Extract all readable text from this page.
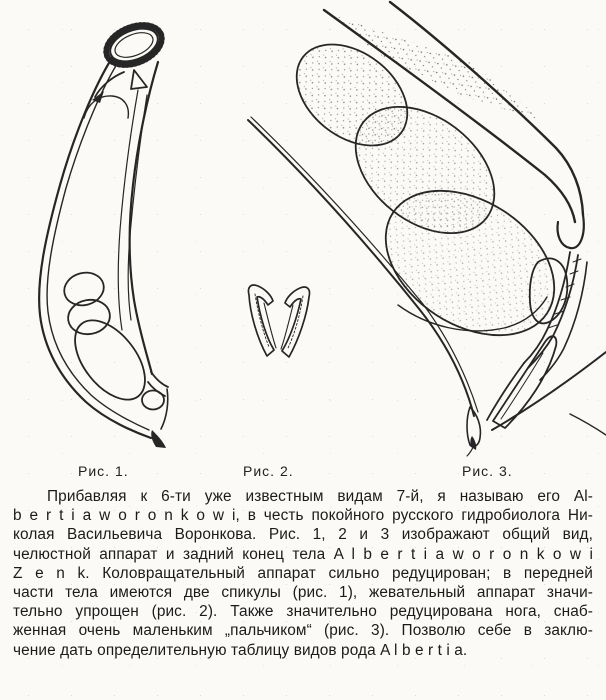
Рис. 1.	Рис. 2.	Рис. 3.
Прибавляя к 6-ти уже известным видам 7-й, я называю его Al-
b e r t i a w o r o n k o w i, в честь покойного русского гидробиолога Ни-
колая Васильевича Воронкова. Рис. 1, 2 и 3 изображают общий вид,
челюстной аппарат и задний конец тела A l b e r t i a w o r o n k o w i
Z e n k. Коловращательный аппарат сильно редуцирован; в передней
части тела имеются две спикулы (рис. 1), жевательный аппарат значи-
тельно упрощен (рис. 2). Также значительно редуцирована нога, снаб-
женная очень маленьким „пальчиком“ (рис. 3). Позволю себе в заклю-
чение дать определительную таблицу видов рода A l b e r t i a.
